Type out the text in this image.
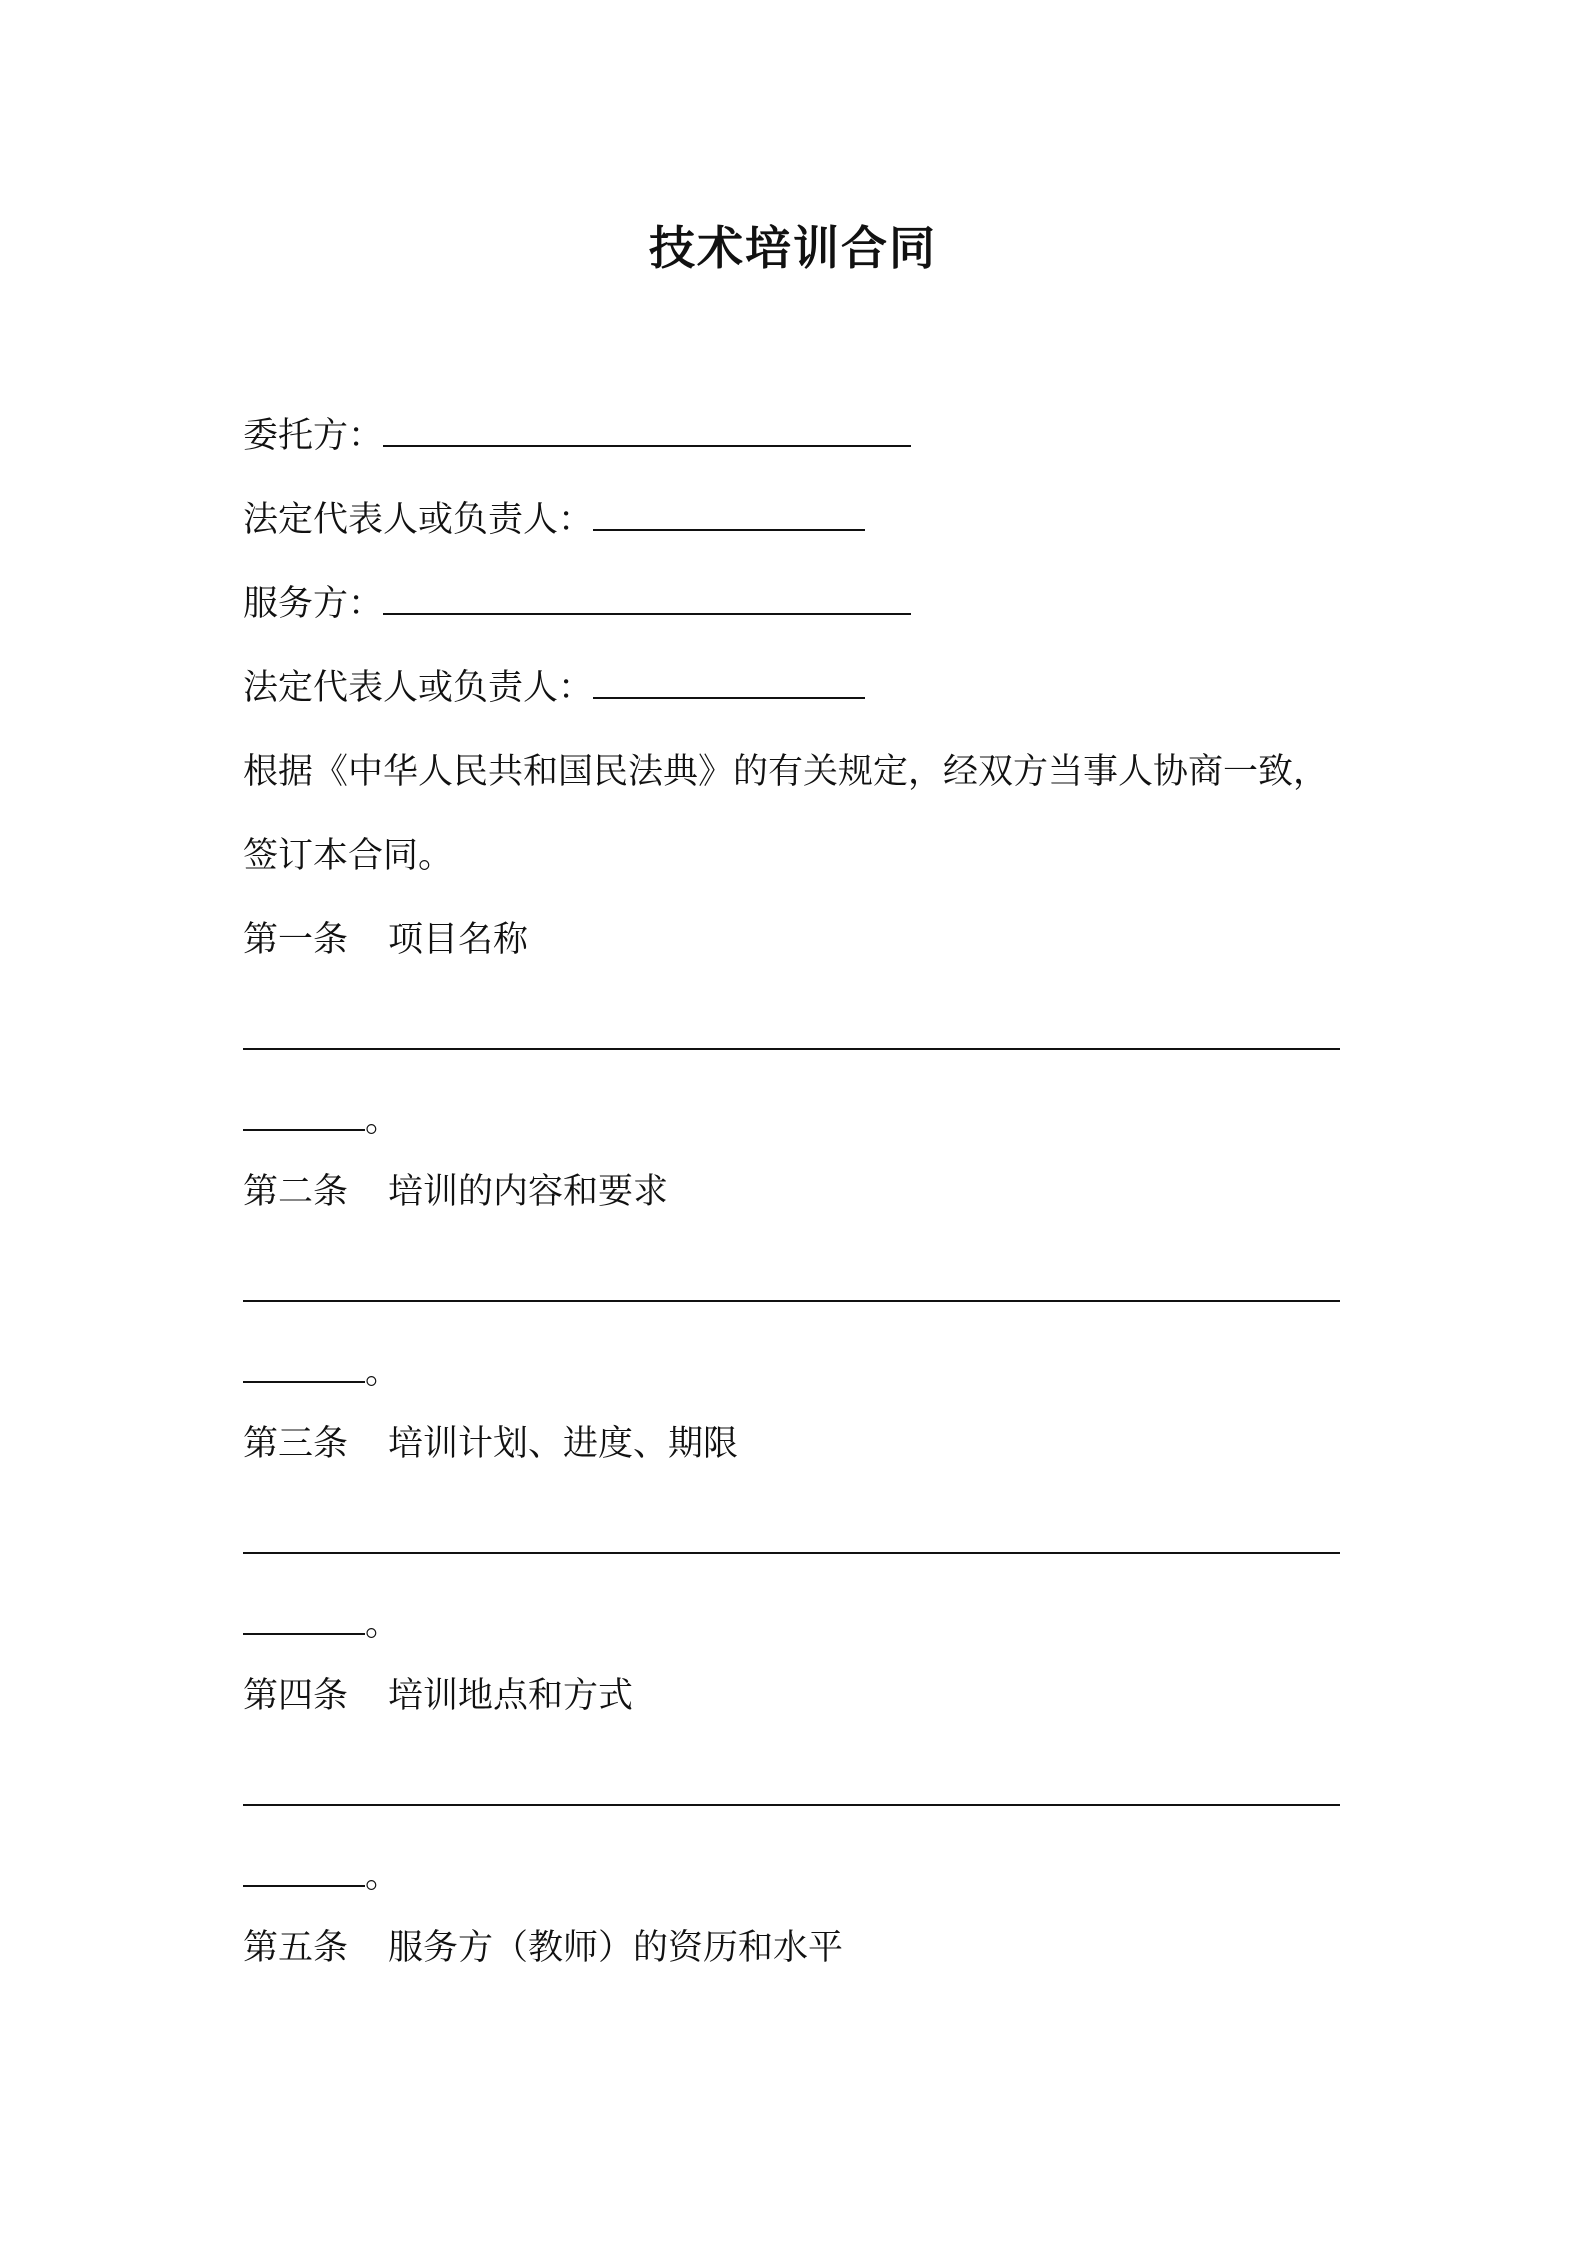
技术培训合同
委托方：
法定代表人或负责人：
服务方：
法定代表人或负责人：
根据《中华人民共和国民法典》的有关规定，经双方当事人协商一致，
签订本合同。
第一条 项目名称
。
第二条 培训的内容和要求
。
第三条 培训计划、进度、期限
。
第四条 培训地点和方式
。
第五条 服务方（教师）的资历和水平
